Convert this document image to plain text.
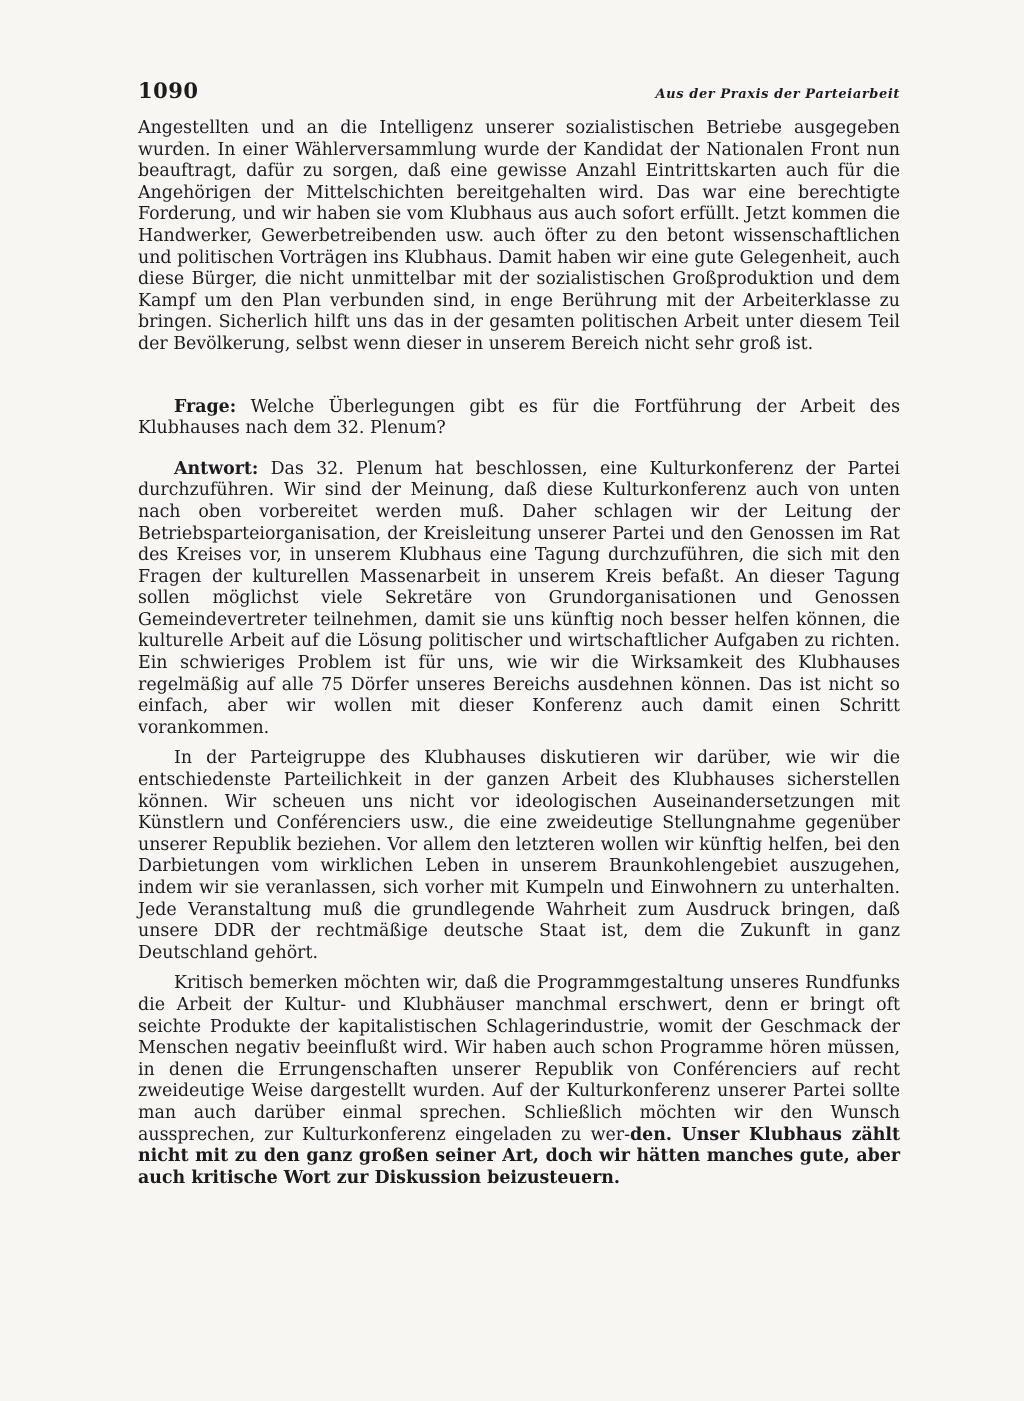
1090	Aus der Praxis der Parteiarbeit

Angestellten und an die Intelligenz unserer sozialistischen Betriebe ausgegeben wurden. In einer Wählerversammlung wurde der Kandidat der Nationalen Front nun beauftragt, dafür zu sorgen, daß eine gewisse Anzahl Eintrittskarten auch für die Angehörigen der Mittelschichten bereitgehalten wird. Das war eine berechtigte Forderung, und wir haben sie vom Klubhaus aus auch sofort erfüllt. Jetzt kommen die Handwerker, Gewerbetreibenden usw. auch öfter zu den betont wissenschaftlichen und politischen Vorträgen ins Klubhaus. Damit haben wir eine gute Gelegenheit, auch diese Bürger, die nicht unmittelbar mit der sozialistischen Großproduktion und dem Kampf um den Plan verbunden sind, in enge Berührung mit der Arbeiterklasse zu bringen. Sicherlich hilft uns das in der gesamten politischen Arbeit unter diesem Teil der Bevölkerung, selbst wenn dieser in unserem Bereich nicht sehr groß ist.

Frage: Welche Überlegungen gibt es für die Fortführung der Arbeit des Klubhauses nach dem 32. Plenum?

Antwort: Das 32. Plenum hat beschlossen, eine Kulturkonferenz der Partei durchzuführen. Wir sind der Meinung, daß diese Kulturkonferenz auch von unten nach oben vorbereitet werden muß. Daher schlagen wir der Leitung der Betriebsparteiorganisation, der Kreisleitung unserer Partei und den Genossen im Rat des Kreises vor, in unserem Klubhaus eine Tagung durchzuführen, die sich mit den Fragen der kulturellen Massenarbeit in unserem Kreis befaßt. An dieser Tagung sollen möglichst viele Sekretäre von Grundorganisationen und Genossen Gemeindevertreter teilnehmen, damit sie uns künftig noch besser helfen können, die kulturelle Arbeit auf die Lösung politischer und wirtschaftlicher Aufgaben zu richten. Ein schwieriges Problem ist für uns, wie wir die Wirksamkeit des Klubhauses regelmäßig auf alle 75 Dörfer unseres Bereichs ausdehnen können. Das ist nicht so einfach, aber wir wollen mit dieser Konferenz auch damit einen Schritt vorankommen.

In der Parteigruppe des Klubhauses diskutieren wir darüber, wie wir die entschiedenste Parteilichkeit in der ganzen Arbeit des Klubhauses sicherstellen können. Wir scheuen uns nicht vor ideologischen Auseinandersetzungen mit Künstlern und Conférenciers usw., die eine zweideutige Stellungnahme gegenüber unserer Republik beziehen. Vor allem den letzteren wollen wir künftig helfen, bei den Darbietungen vom wirklichen Leben in unserem Braunkohlengebiet auszugehen, indem wir sie veranlassen, sich vorher mit Kumpeln und Einwohnern zu unterhalten. Jede Veranstaltung muß die grundlegende Wahrheit zum Ausdruck bringen, daß unsere DDR der rechtmäßige deutsche Staat ist, dem die Zukunft in ganz Deutschland gehört.

Kritisch bemerken möchten wir, daß die Programmgestaltung unseres Rundfunks die Arbeit der Kultur- und Klubhäuser manchmal erschwert, denn er bringt oft seichte Produkte der kapitalistischen Schlagerindustrie, womit der Geschmack der Menschen negativ beeinflußt wird. Wir haben auch schon Programme hören müssen, in denen die Errungenschaften unserer Republik von Conférenciers auf recht zweideutige Weise dargestellt wurden. Auf der Kulturkonferenz unserer Partei sollte man auch darüber einmal sprechen. Schließlich möchten wir den Wunsch aussprechen, zur Kulturkonferenz eingeladen zu wer-den. Unser Klubhaus zählt nicht mit zu den ganz großen seiner Art, doch wir hätten manches gute, aber auch kritische Wort zur Diskussion beizusteuern.
